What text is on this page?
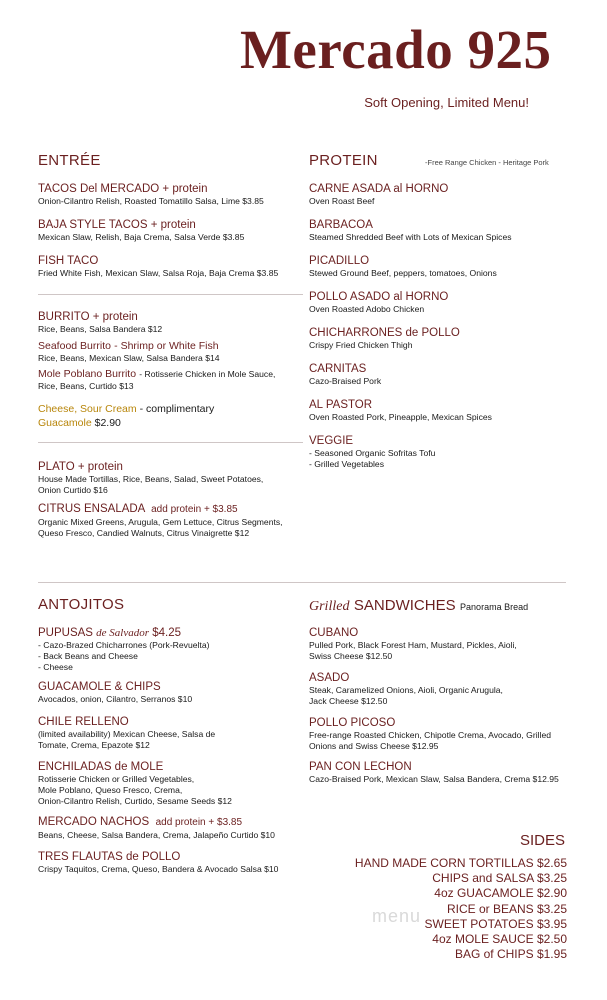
Mercado 925
Soft Opening, Limited Menu!
ENTRÉE
TACOS Del MERCADO + protein
Onion-Cilantro Relish, Roasted Tomatillo Salsa, Lime $3.85
BAJA STYLE TACOS + protein
Mexican Slaw, Relish, Baja Crema, Salsa Verde $3.85
FISH TACO
Fried White Fish, Mexican Slaw, Salsa Roja, Baja Crema $3.85
BURRITO + protein
Rice, Beans, Salsa Bandera $12
Seafood Burrito - Shrimp or White Fish
Rice, Beans, Mexican Slaw, Salsa Bandera $14
Mole Poblano Burrito - Rotisserie Chicken in Mole Sauce,
Rice, Beans, Curtido $13
Cheese, Sour Cream - complimentary
Guacamole $2.90
PLATO + protein
House Made Tortillas, Rice, Beans, Salad, Sweet Potatoes,
Onion Curtido $16
CITRUS ENSALADA add protein + $3.85
Organic Mixed Greens, Arugula, Gem Lettuce, Citrus Segments,
Queso Fresco, Candied Walnuts, Citrus Vinaigrette $12
PROTEIN	-Free Range Chicken - Heritage Pork
CARNE ASADA al HORNO
Oven Roast Beef
BARBACOA
Steamed Shredded Beef with Lots of Mexican Spices
PICADILLO
Stewed Ground Beef, peppers, tomatoes, Onions
POLLO ASADO al HORNO
Oven Roasted Adobo Chicken
CHICHARRONES de POLLO
Crispy Fried Chicken Thigh
CARNITAS
Cazo-Braised Pork
AL PASTOR
Oven Roasted Pork, Pineapple, Mexican Spices
VEGGIE
- Seasoned Organic Sofritas Tofu
- Grilled Vegetables
ANTOJITOS
PUPUSAS de Salvador $4.25
- Cazo-Brazed Chicharrones (Pork-Revuelta)
- Back Beans and Cheese
- Cheese
GUACAMOLE & CHIPS
Avocados, onion, Cilantro, Serranos $10
CHILE RELLENO
(limited availability) Mexican Cheese, Salsa de
Tomate, Crema, Epazote $12
ENCHILADAS de MOLE
Rotisserie Chicken or Grilled Vegetables,
Mole Poblano, Queso Fresco, Crema,
Onion-Cilantro Relish, Curtido, Sesame Seeds $12
MERCADO NACHOS add protein + $3.85
Beans, Cheese, Salsa Bandera, Crema, Jalapeño Curtido $10
TRES FLAUTAS de POLLO
Crispy Taquitos, Crema, Queso, Bandera & Avocado Salsa $10
Grilled SANDWICHES Panorama Bread
CUBANO
Pulled Pork, Black Forest Ham, Mustard, Pickles, Aioli,
Swiss Cheese $12.50
ASADO
Steak, Caramelized Onions, Aioli, Organic Arugula,
Jack Cheese $12.50
POLLO PICOSO
Free-range Roasted Chicken, Chipotle Crema, Avocado, Grilled
Onions and Swiss Cheese $12.95
PAN CON LECHON
Cazo-Braised Pork, Mexican Slaw, Salsa Bandera, Crema $12.95
SIDES
HAND MADE CORN TORTILLAS $2.65
CHIPS and SALSA $3.25
4oz GUACAMOLE $2.90
RICE or BEANS $3.25
SWEET POTATOES $3.95
4oz MOLE SAUCE $2.50
BAG of CHIPS $1.95
menu
